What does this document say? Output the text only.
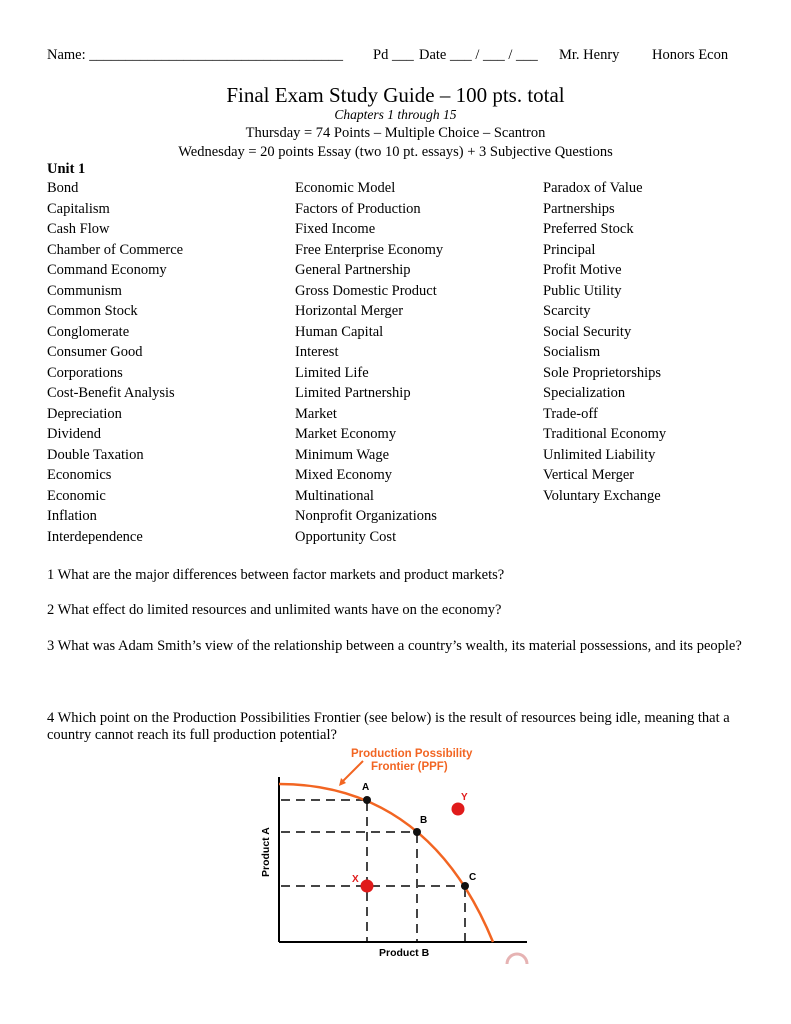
Name: ___________________________________ Pd ___ Date ___ / ___ / ___ Mr. Henry Honors Econ
Final Exam Study Guide – 100 pts. total
Chapters 1 through 15
Thursday = 74 Points – Multiple Choice – Scantron
Wednesday = 20 points Essay (two 10 pt. essays) + 3 Subjective Questions
Unit 1
Bond
Capitalism
Cash Flow
Chamber of Commerce
Command Economy
Communism
Common Stock
Conglomerate
Consumer Good
Corporations
Cost-Benefit Analysis
Depreciation
Dividend
Double Taxation
Economics
Economic
Inflation
Interdependence
Economic Model
Factors of Production
Fixed Income
Free Enterprise Economy
General Partnership
Gross Domestic Product
Horizontal Merger
Human Capital
Interest
Limited Life
Limited Partnership
Market
Market Economy
Minimum Wage
Mixed Economy
Multinational
Nonprofit Organizations
Opportunity Cost
Paradox of Value
Partnerships
Preferred Stock
Principal
Profit Motive
Public Utility
Scarcity
Social Security
Socialism
Sole Proprietorships
Specialization
Trade-off
Traditional Economy
Unlimited Liability
Vertical Merger
Voluntary Exchange
1 What are the major differences between factor markets and product markets?
2 What effect do limited resources and unlimited wants have on the economy?
3 What was Adam Smith’s view of the relationship between a country’s wealth, its material possessions, and its people?
4 Which point on the Production Possibilities Frontier (see below) is the result of resources being idle, meaning that a country cannot reach its full production potential?
Production Possibility
Frontier (PPF)
A
B
C
X
Y
Product A
Product B
